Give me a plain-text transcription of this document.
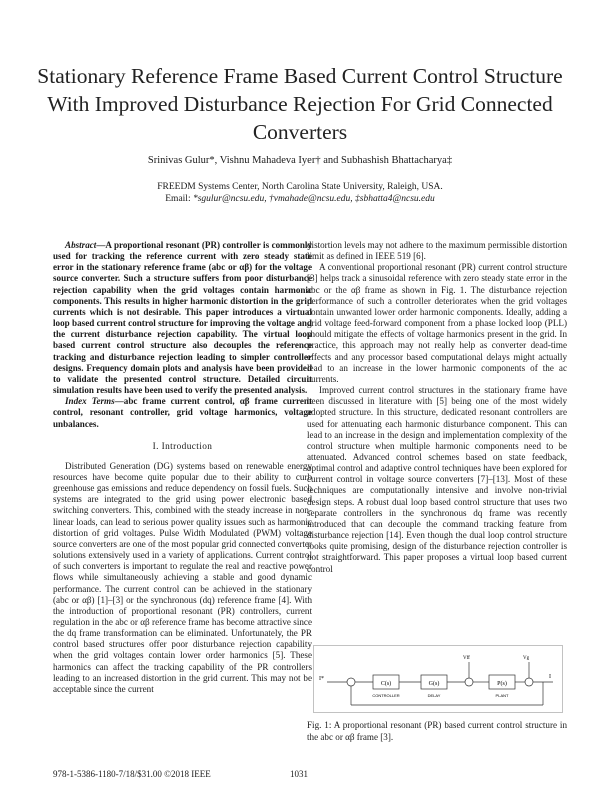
Stationary Reference Frame Based Current Control Structure With Improved Disturbance Rejection For Grid Connected Converters
Srinivas Gulur*, Vishnu Mahadeva Iyer† and Subhashish Bhattacharya‡
FREEDM Systems Center, North Carolina State University, Raleigh, USA.
Email: *sgulur@ncsu.edu, †vmahade@ncsu.edu, ‡sbhatta4@ncsu.edu

Abstract—A proportional resonant (PR) controller is commonly used for tracking the reference current with zero steady state error in the stationary reference frame (abc or αβ) for the voltage source converter. Such a structure suffers from poor disturbance rejection capability when the grid voltages contain harmonic components. This results in higher harmonic distortion in the grid currents which is not desirable. This paper introduces a virtual loop based current control structure for improving the voltage and the current disturbance rejection capability. The virtual loop based current control structure also decouples the reference tracking and disturbance rejection leading to simpler controller designs. Frequency domain plots and analysis have been provided to validate the presented control structure. Detailed circuit simulation results have been used to verify the presented analysis.

Index Terms—abc frame current control, αβ frame current control, resonant controller, grid voltage harmonics, voltage unbalances.

I. Introduction

Distributed Generation (DG) systems based on renewable energy resources have become quite popular due to their ability to curb greenhouse gas emissions and reduce dependency on fossil fuels. Such systems are integrated to the grid using power electronic based switching converters. This, combined with the steady increase in non-linear loads, can lead to serious power quality issues such as harmonic distortion of grid voltages. Pulse Width Modulated (PWM) voltage source converters are one of the most popular grid connected converter solutions extensively used in a variety of applications. Current control of such converters is important to regulate the real and reactive power flows while simultaneously achieving a stable and good dynamic performance. The current control can be achieved in the stationary (abc or αβ) [1]–[3] or the synchronous (dq) reference frame [4]. With the introduction of proportional resonant (PR) controllers, current regulation in the abc or αβ reference frame has become attractive since the dq frame transformation can be eliminated. Unfortunately, the PR control based structures offer poor disturbance rejection capability when the grid voltages contain lower order harmonics [5]. These harmonics can affect the tracking capability of the PR controllers leading to an increased distortion in the grid current. This may not be acceptable since the current

distortion levels may not adhere to the maximum permissible distortion limit as defined in IEEE 519 [6].

A conventional proportional resonant (PR) current control structure [3] helps track a sinusoidal reference with zero steady state error in the abc or the αβ frame as shown in Fig. 1. The disturbance rejection performance of such a controller deteriorates when the grid voltages contain unwanted lower order harmonic components. Ideally, adding a grid voltage feed-forward component from a phase locked loop (PLL) should mitigate the effects of voltage harmonics present in the grid. In practice, this approach may not really help as converter dead-time effects and any processor based computational delays might actually lead to an increase in the lower harmonic components of the ac currents.

Improved current control structures in the stationary frame have been discussed in literature with [5] being one of the most widely adopted structure. In this structure, dedicated resonant controllers are used for attenuating each harmonic disturbance component. This can lead to an increase in the design and implementation complexity of the control structure when multiple harmonic components need to be attenuated. Advanced control schemes based on state feedback, optimal control and adaptive control techniques have been explored for current control in voltage source converters [7]–[13]. Most of these techniques are computationally intensive and involve non-trivial design steps. A robust dual loop based control structure that uses two separate controllers in the synchronous dq frame was recently introduced that can decouple the command tracking feature from disturbance rejection [14]. Even though the dual loop control structure looks quite promising, design of the disturbance rejection controller is not straightforward. This paper proposes a virtual loop based current control

I*
C(s)
CONTROLLER
G(s)
DELAY
Vff
P(s)
PLANT
Vg
I
Fig. 1: A proportional resonant (PR) based current control structure in the abc or αβ frame [3].
978-1-5386-1180-7/18/$31.00 ©2018 IEEE	1031
